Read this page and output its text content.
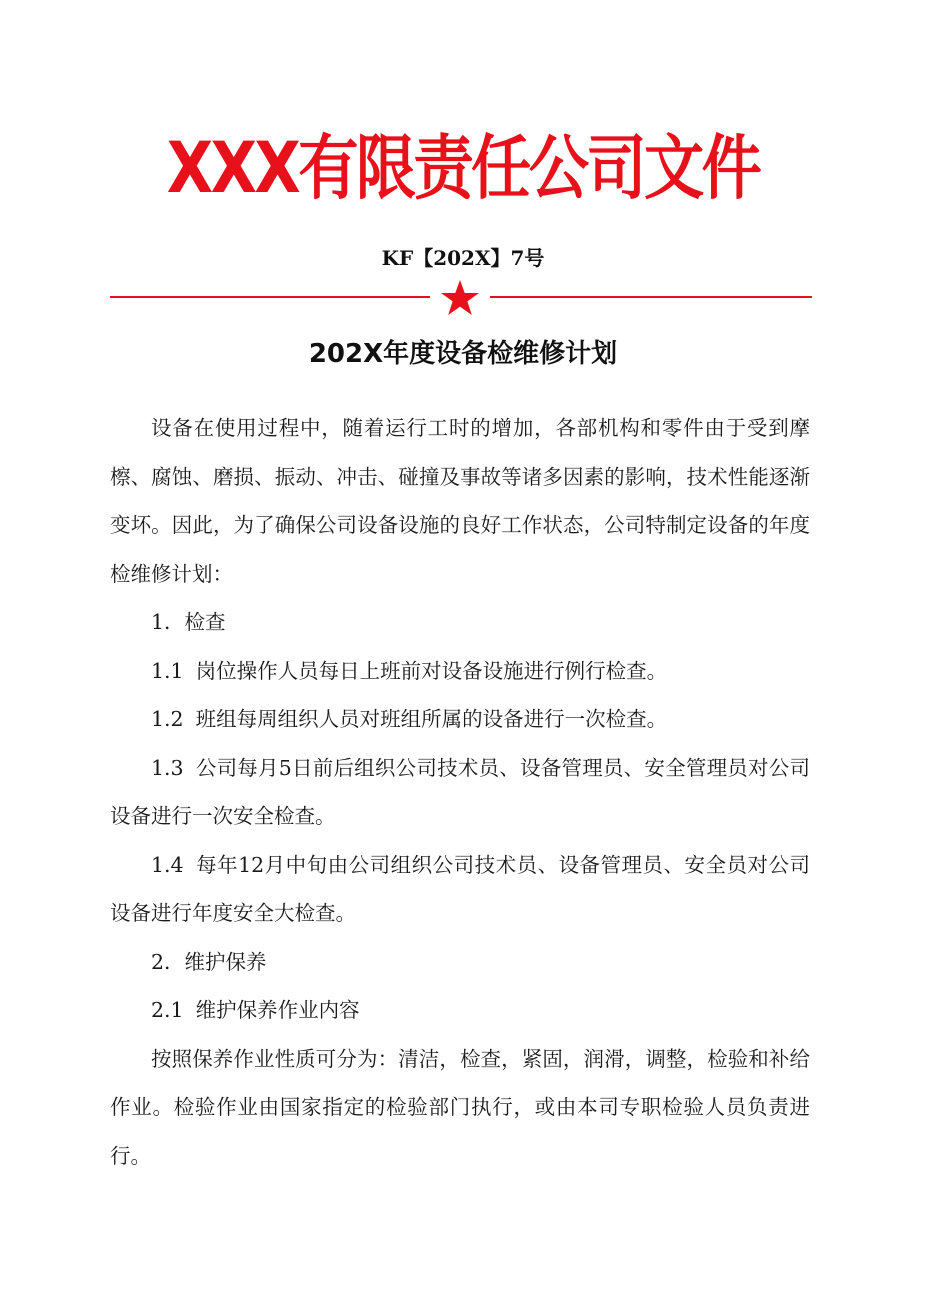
XXX有限责任公司文件
KF【202X】7号
202X年度设备检维修计划

设备在使用过程中，随着运行工时的增加，各部机构和零件由于受到摩檫、腐蚀、磨损、振动、冲击、碰撞及事故等诸多因素的影响，技术性能逐渐变坏。因此，为了确保公司设备设施的良好工作状态，公司特制定设备的年度检维修计划：

1．检查

1.1 岗位操作人员每日上班前对设备设施进行例行检查。

1.2 班组每周组织人员对班组所属的设备进行一次检查。

1.3 公司每月5日前后组织公司技术员、设备管理员、安全管理员对公司设备进行一次安全检查。

1.4 每年12月中旬由公司组织公司技术员、设备管理员、安全员对公司设备进行年度安全大检查。

2．维护保养

2.1 维护保养作业内容

按照保养作业性质可分为：清洁，检查，紧固，润滑，调整，检验和补给作业。检验作业由国家指定的检验部门执行，或由本司专职检验人员负责进行。
